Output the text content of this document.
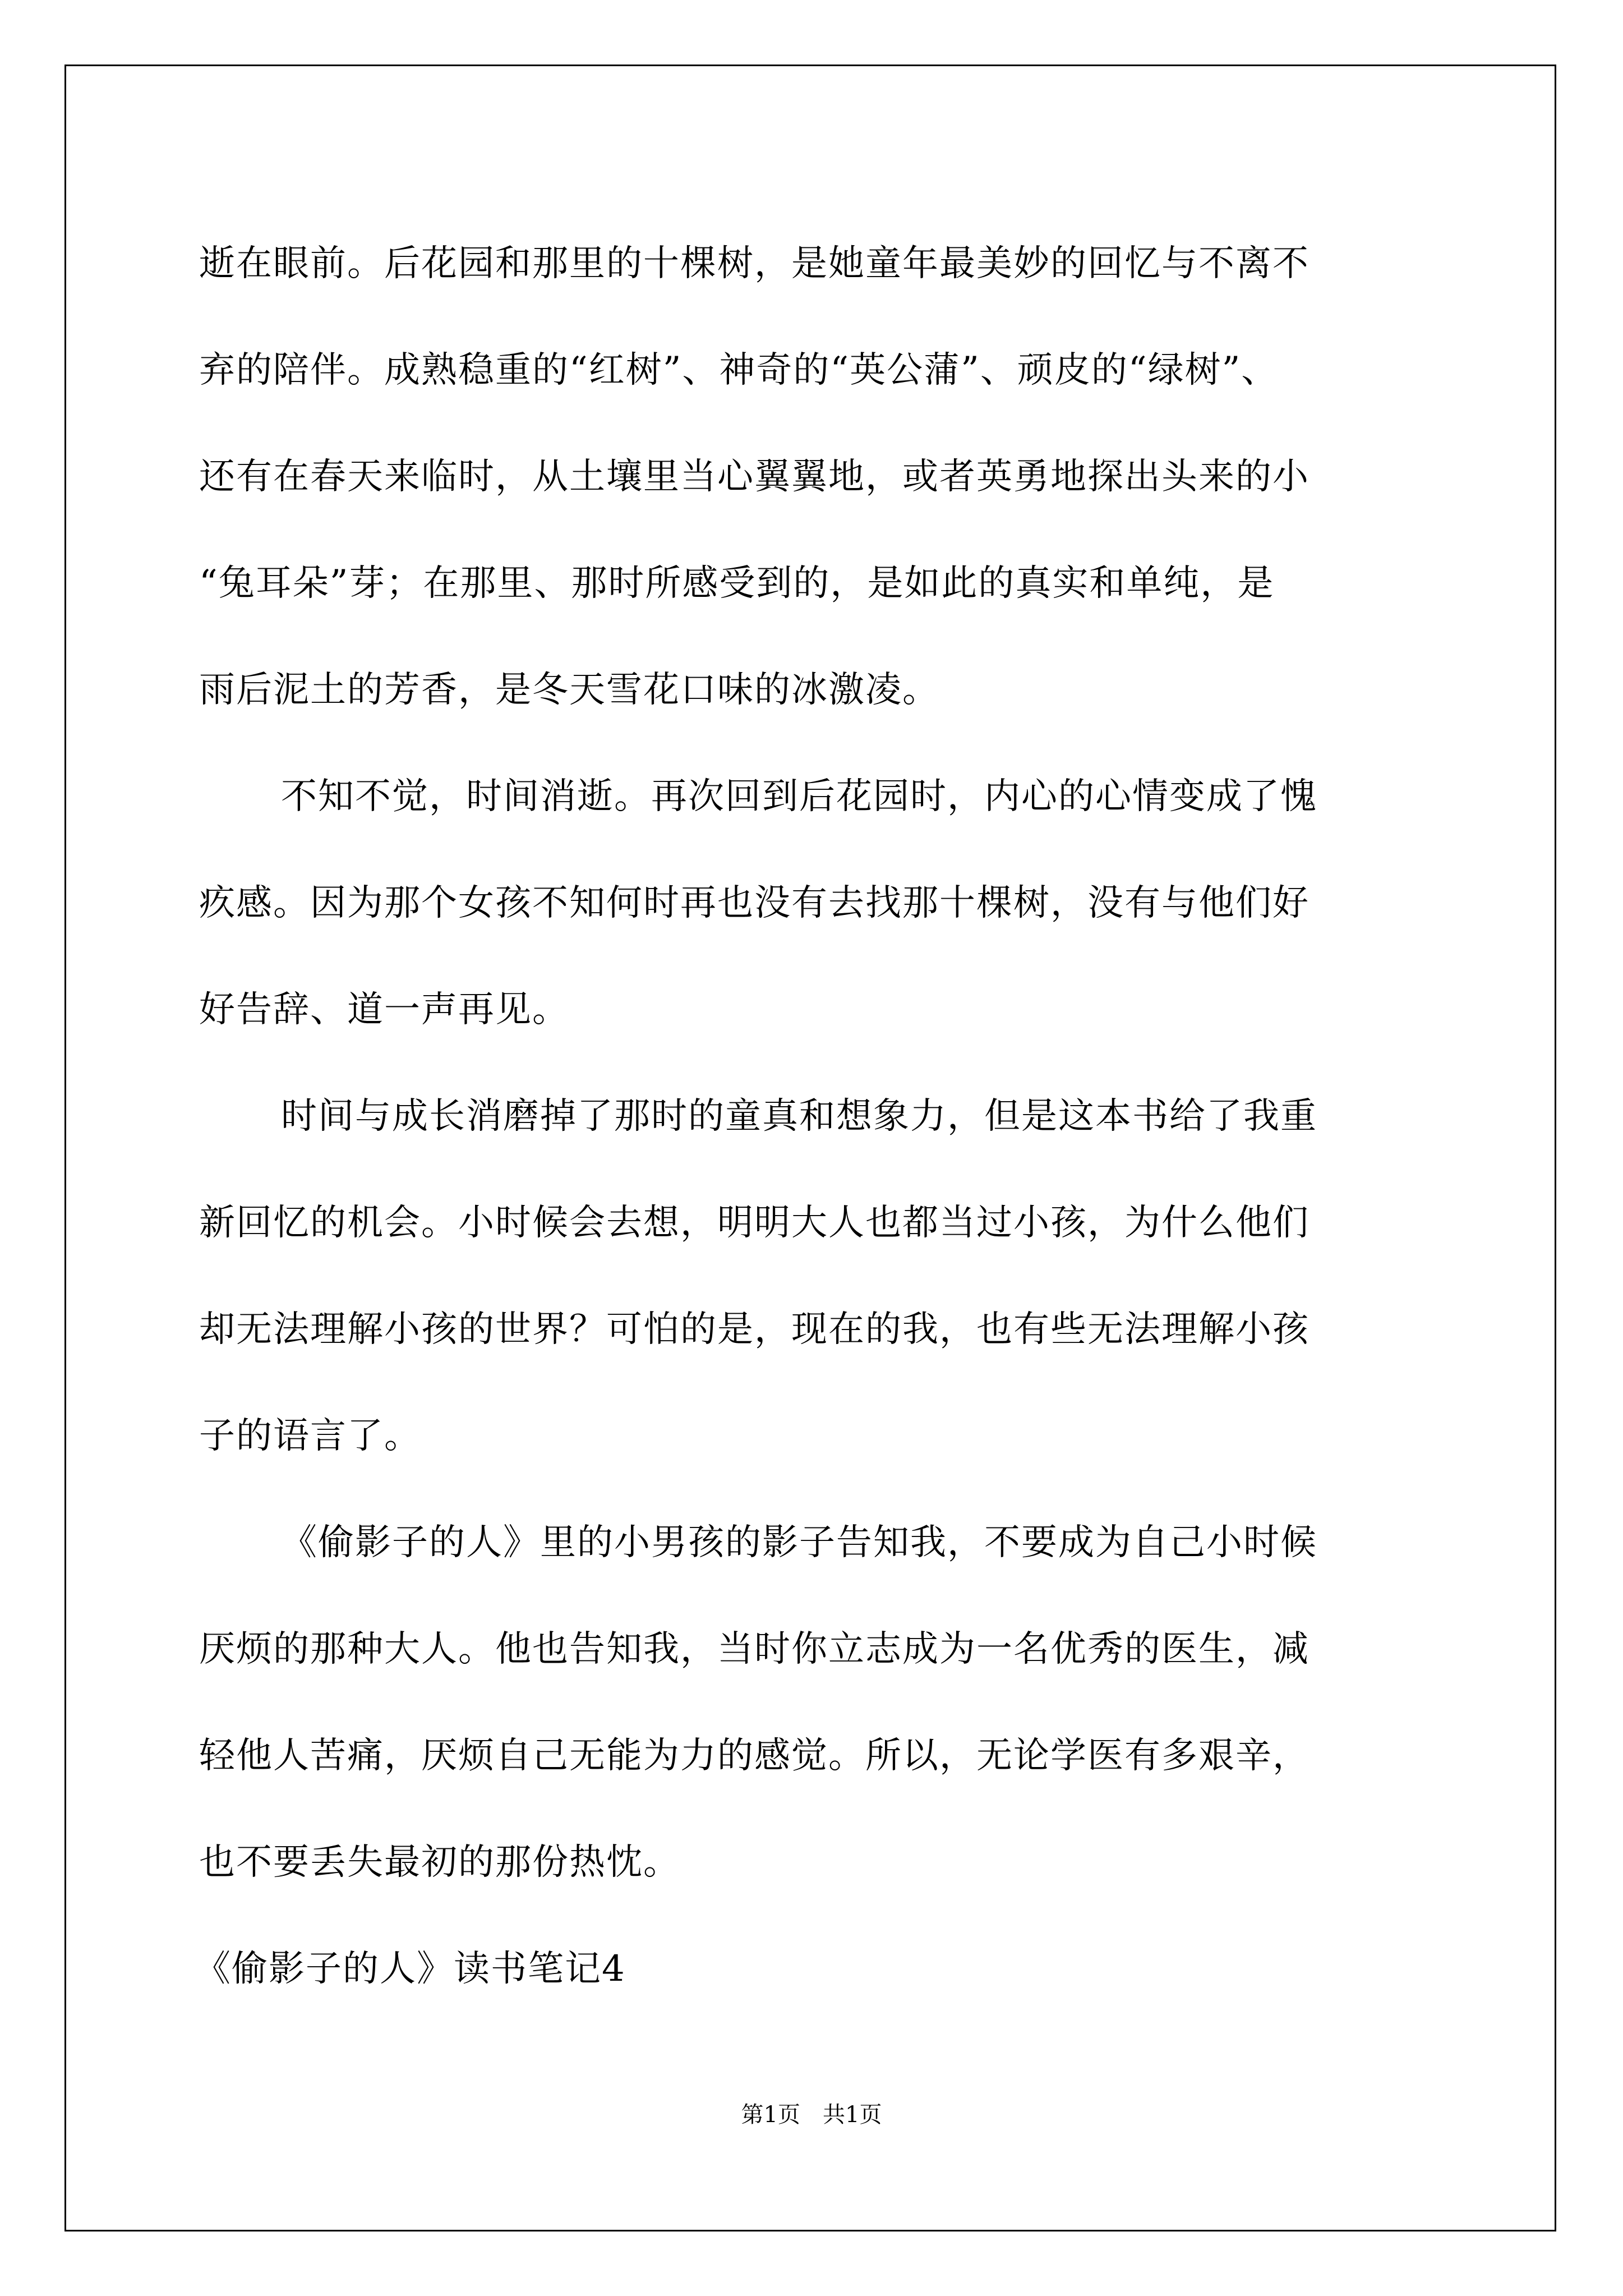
逝在眼前。后花园和那里的十棵树，是她童年最美妙的回忆与不离不
弃的陪伴。成熟稳重的“红树”、神奇的“英公蒲”、顽皮的“绿树”、
还有在春天来临时，从土壤里当心翼翼地，或者英勇地探出头来的小
“兔耳朵”芽；在那里、那时所感受到的，是如此的真实和单纯，是
雨后泥土的芳香，是冬天雪花口味的冰激凌。
不知不觉，时间消逝。再次回到后花园时，内心的心情变成了愧
疚感。因为那个女孩不知何时再也没有去找那十棵树，没有与他们好
好告辞、道一声再见。
时间与成长消磨掉了那时的童真和想象力，但是这本书给了我重
新回忆的机会。小时候会去想，明明大人也都当过小孩，为什么他们
却无法理解小孩的世界？可怕的是，现在的我，也有些无法理解小孩
子的语言了。
《偷影子的人》里的小男孩的影子告知我，不要成为自己小时候
厌烦的那种大人。他也告知我，当时你立志成为一名优秀的医生，减
轻他人苦痛，厌烦自己无能为力的感觉。所以，无论学医有多艰辛，
也不要丢失最初的那份热忱。
《偷影子的人》读书笔记4
第1页　共1页
